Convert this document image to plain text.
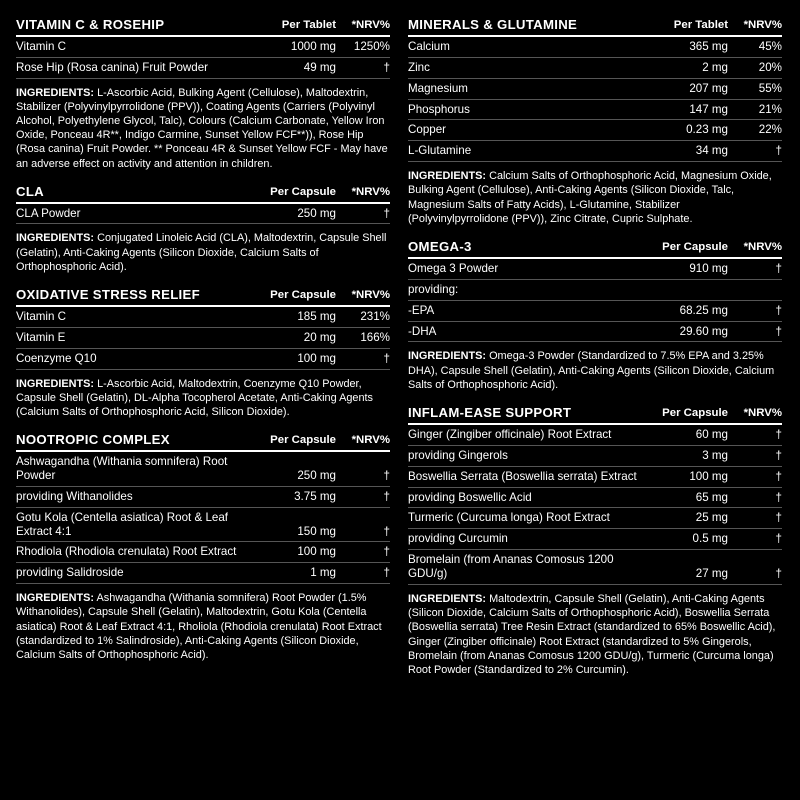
VITAMIN C & ROSEHIP	Per Tablet	*NRV%
Vitamin C	1000 mg	1250%
Rose Hip (Rosa canina) Fruit Powder	49 mg	†
INGREDIENTS: L-Ascorbic Acid, Bulking Agent (Cellulose), Maltodextrin, Stabilizer (Polyvinylpyrrolidone (PPV)), Coating Agents (Carriers (Polyvinyl Alcohol, Polyethylene Glycol, Talc), Colours (Calcium Carbonate, Yellow Iron Oxide, Ponceau 4R**, Indigo Carmine, Sunset Yellow FCF**)), Rose Hip (Rosa canina) Fruit Powder. ** Ponceau 4R & Sunset Yellow FCF - May have an adverse effect on activity and attention in children.
CLA	Per Capsule	*NRV%
CLA Powder	250 mg	†
INGREDIENTS: Conjugated Linoleic Acid (CLA), Maltodextrin, Capsule Shell (Gelatin), Anti-Caking Agents (Silicon Dioxide, Calcium Salts of Orthophosphoric Acid).
OXIDATIVE STRESS RELIEF	Per Capsule	*NRV%
Vitamin C	185 mg	231%
Vitamin E	20 mg	166%
Coenzyme Q10	100 mg	†
INGREDIENTS: L-Ascorbic Acid, Maltodextrin, Coenzyme Q10 Powder, Capsule Shell (Gelatin), DL-Alpha Tocopherol Acetate, Anti-Caking Agents (Calcium Salts of Orthophosphoric Acid, Silicon Dioxide).
NOOTROPIC COMPLEX	Per Capsule	*NRV%
Ashwagandha (Withania somnifera) Root Powder	250 mg	†
providing Withanolides	3.75 mg	†
Gotu Kola (Centella asiatica) Root & Leaf Extract 4:1	150 mg	†
Rhodiola (Rhodiola crenulata) Root Extract	100 mg	†
providing Salidroside	1 mg	†
INGREDIENTS: Ashwagandha (Withania somnifera) Root Powder (1.5% Withanolides), Capsule Shell (Gelatin), Maltodextrin, Gotu Kola (Centella asiatica) Root & Leaf Extract 4:1, Rholiola (Rhodiola crenulata) Root Extract (standardized to 1% Salindroside), Anti-Caking Agents (Silicon Dioxide, Calcium Salts of Orthophosphoric Acid).
MINERALS & GLUTAMINE	Per Tablet	*NRV%
Calcium	365 mg	45%
Zinc	2 mg	20%
Magnesium	207 mg	55%
Phosphorus	147 mg	21%
Copper	0.23 mg	22%
L-Glutamine	34 mg	†
INGREDIENTS: Calcium Salts of Orthophosphoric Acid, Magnesium Oxide, Bulking Agent (Cellulose), Anti-Caking Agents (Silicon Dioxide, Talc, Magnesium Salts of Fatty Acids), L-Glutamine, Stabilizer (Polyvinylpyrrolidone (PPV)), Zinc Citrate, Cupric Sulphate.
OMEGA-3	Per Capsule	*NRV%
Omega 3 Powder	910 mg	†
providing:		
-EPA	68.25 mg	†
-DHA	29.60 mg	†
INGREDIENTS: Omega-3 Powder (Standardized to 7.5% EPA and 3.25% DHA), Capsule Shell (Gelatin), Anti-Caking Agents (Silicon Dioxide, Calcium Salts of Orthophosphoric Acid).
INFLAM-EASE SUPPORT	Per Capsule	*NRV%
Ginger (Zingiber officinale) Root Extract	60 mg	†
providing Gingerols	3 mg	†
Boswellia Serrata (Boswellia serrata) Extract	100 mg	†
providing Boswellic Acid	65 mg	†
Turmeric (Curcuma longa) Root Extract	25 mg	†
providing Curcumin	0.5 mg	†
Bromelain (from Ananas Comosus 1200 GDU/g)	27 mg	†
INGREDIENTS: Maltodextrin, Capsule Shell (Gelatin), Anti-Caking Agents (Silicon Dioxide, Calcium Salts of Orthophosphoric Acid), Boswellia Serrata (Boswellia serrata) Tree Resin Extract (standardized to 65% Boswellic Acid), Ginger (Zingiber officinale) Root Extract (standardized to 5% Gingerols, Bromelain (from Ananas Comosus 1200 GDU/g), Turmeric (Curcuma longa) Root Powder (Standardized to 2% Curcumin).
